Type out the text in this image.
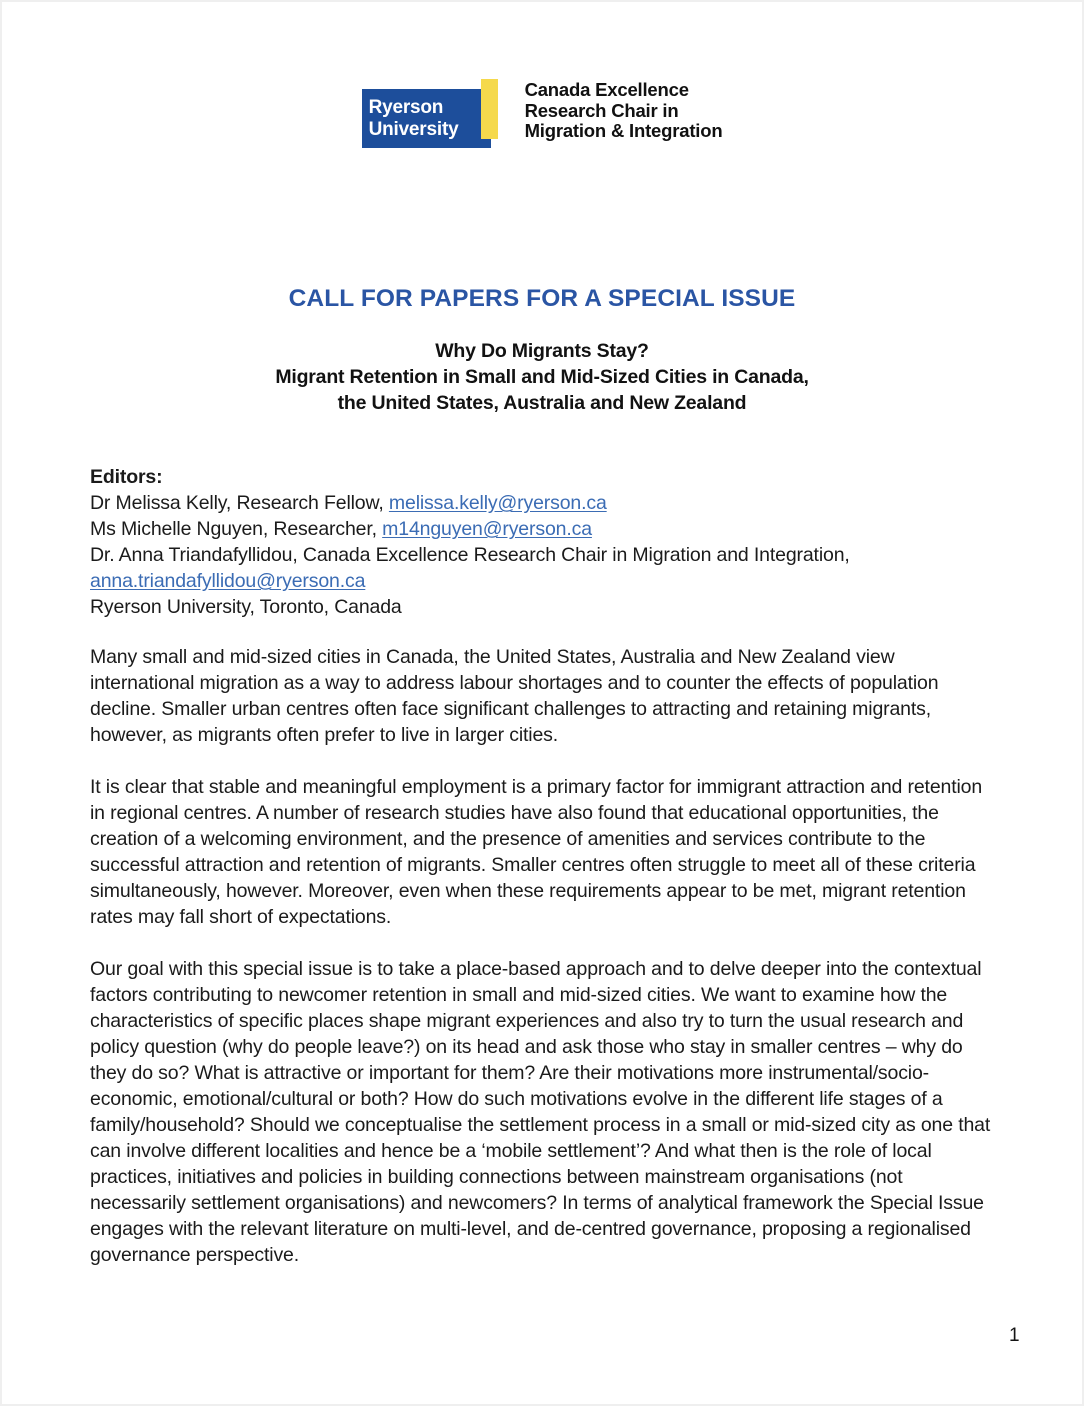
Ryerson
University
Canada Excellence
Research Chair in
Migration & Integration
CALL FOR PAPERS FOR A SPECIAL ISSUE
Why Do Migrants Stay?
Migrant Retention in Small and Mid-Sized Cities in Canada,
the United States, Australia and New Zealand
Editors:
Dr Melissa Kelly, Research Fellow, melissa.kelly@ryerson.ca
Ms Michelle Nguyen, Researcher, m14nguyen@ryerson.ca
Dr. Anna Triandafyllidou, Canada Excellence Research Chair in Migration and Integration,
anna.triandafyllidou@ryerson.ca
Ryerson University, Toronto, Canada

Many small and mid-sized cities in Canada, the United States, Australia and New Zealand view international migration as a way to address labour shortages and to counter the effects of population decline. Smaller urban centres often face significant challenges to attracting and retaining migrants, however, as migrants often prefer to live in larger cities.

It is clear that stable and meaningful employment is a primary factor for immigrant attraction and retention in regional centres. A number of research studies have also found that educational opportunities, the creation of a welcoming environment, and the presence of amenities and services contribute to the successful attraction and retention of migrants. Smaller centres often struggle to meet all of these criteria simultaneously, however. Moreover, even when these requirements appear to be met, migrant retention rates may fall short of expectations.

Our goal with this special issue is to take a place-based approach and to delve deeper into the contextual factors contributing to newcomer retention in small and mid-sized cities. We want to examine how the characteristics of specific places shape migrant experiences and also try to turn the usual research and policy question (why do people leave?) on its head and ask those who stay in smaller centres – why do they do so? What is attractive or important for them? Are their motivations more instrumental/socio-economic, emotional/cultural or both? How do such motivations evolve in the different life stages of a family/household? Should we conceptualise the settlement process in a small or mid-sized city as one that can involve different localities and hence be a ‘mobile settlement’? And what then is the role of local practices, initiatives and policies in building connections between mainstream organisations (not necessarily settlement organisations) and newcomers? In terms of analytical framework the Special Issue engages with the relevant literature on multi-level, and de-centred governance, proposing a regionalised governance perspective.

1
